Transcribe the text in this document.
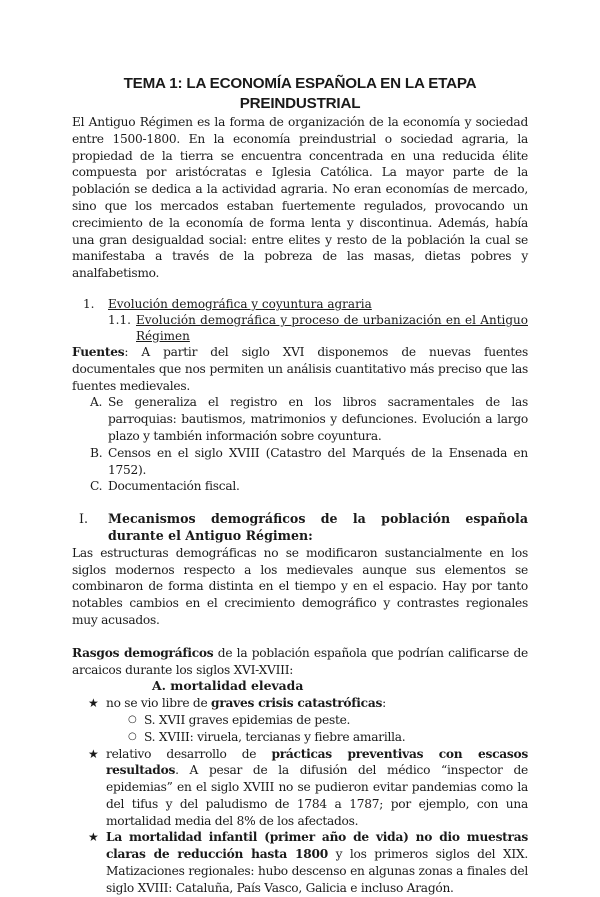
TEMA 1: LA ECONOMÍA ESPAÑOLA EN LA ETAPA PREINDUSTRIAL

El Antiguo Régimen es la forma de organización de la economía y sociedad entre 1500-1800. En la economía preindustrial o sociedad agraria, la propiedad de la tierra se encuentra concentrada en una reducida élite compuesta por aristócratas e Iglesia Católica. La mayor parte de la población se dedica a la actividad agraria. No eran economías de mercado, sino que los mercados estaban fuertemente regulados, provocando un crecimiento de la economía de forma lenta y discontinua. Además, había una gran desigualdad social: entre elites y resto de la población la cual se manifestaba a través de la pobreza de las masas, dietas pobres y analfabetismo.

1.	Evolución demográfica y coyuntura agraria
1.1. Evolución demográfica y proceso de urbanización en el Antiguo Régimen

Fuentes: A partir del siglo XVI disponemos de nuevas fuentes documentales que nos permiten un análisis cuantitativo más preciso que las fuentes medievales.

A. Se generaliza el registro en los libros sacramentales de las parroquias: bautismos, matrimonios y defunciones. Evolución a largo plazo y también información sobre coyuntura.
B. Censos en el siglo XVIII (Catastro del Marqués de la Ensenada en 1752).
C. Documentación fiscal.
I.	Mecanismos demográficos de la población española durante el Antiguo Régimen:

Las estructuras demográficas no se modificaron sustancialmente en los siglos modernos respecto a los medievales aunque sus elementos se combinaron de forma distinta en el tiempo y en el espacio. Hay por tanto notables cambios en el crecimiento demográfico y contrastes regionales muy acusados.

Rasgos demográficos de la población española que podrían calificarse de arcaicos durante los siglos XVI-XVIII:

A. mortalidad elevada
★ no se vio libre de graves crisis catastróficas:
○ S. XVII graves epidemias de peste.
○ S. XVIII: viruela, tercianas y fiebre amarilla.
★ relativo desarrollo de prácticas preventivas con escasos resultados. A pesar de la difusión del médico “inspector de epidemias” en el siglo XVIII no se pudieron evitar pandemias como la del tifus y del paludismo de 1784 a 1787; por ejemplo, con una mortalidad media del 8% de los afectados.
★ La mortalidad infantil (primer año de vida) no dio muestras claras de reducción hasta 1800 y los primeros siglos del XIX. Matizaciones regionales: hubo descenso en algunas zonas a finales del siglo XVIII: Cataluña, País Vasco, Galicia e incluso Aragón.
